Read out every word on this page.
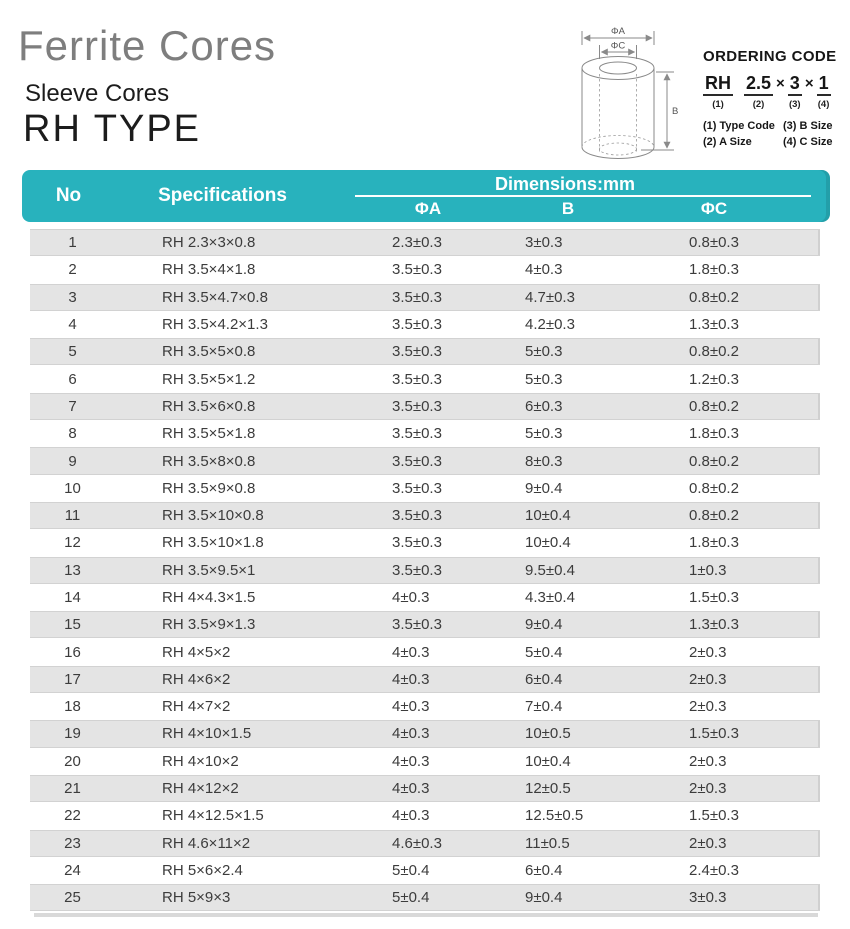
Ferrite Cores
Sleeve Cores
RH TYPE
ΦA
ΦC
B
ORDERING CODE
RH
(1)
2.5
(2)
× 3
(3)
× 1
(4)
(1) Type Code (3) B Size
(2) A Size	(4) C Size
No	Specifications
Dimensions:mm
ΦA	B	ΦC
1	RH 2.3×3×0.8	2.3±0.3	3±0.3	0.8±0.3
2	RH 3.5×4×1.8	3.5±0.3	4±0.3	1.8±0.3
3	RH 3.5×4.7×0.8	3.5±0.3	4.7±0.3	0.8±0.2
4	RH 3.5×4.2×1.3	3.5±0.3	4.2±0.3	1.3±0.3
5	RH 3.5×5×0.8	3.5±0.3	5±0.3	0.8±0.2
6	RH 3.5×5×1.2	3.5±0.3	5±0.3	1.2±0.3
7	RH 3.5×6×0.8	3.5±0.3	6±0.3	0.8±0.2
8	RH 3.5×5×1.8	3.5±0.3	5±0.3	1.8±0.3
9	RH 3.5×8×0.8	3.5±0.3	8±0.3	0.8±0.2
10	RH 3.5×9×0.8	3.5±0.3	9±0.4	0.8±0.2
11	RH 3.5×10×0.8	3.5±0.3	10±0.4	0.8±0.2
12	RH 3.5×10×1.8	3.5±0.3	10±0.4	1.8±0.3
13	RH 3.5×9.5×1	3.5±0.3	9.5±0.4	1±0.3
14	RH 4×4.3×1.5	4±0.3	4.3±0.4	1.5±0.3
15	RH 3.5×9×1.3	3.5±0.3	9±0.4	1.3±0.3
16	RH 4×5×2	4±0.3	5±0.4	2±0.3
17	RH 4×6×2	4±0.3	6±0.4	2±0.3
18	RH 4×7×2	4±0.3	7±0.4	2±0.3
19	RH 4×10×1.5	4±0.3	10±0.5	1.5±0.3
20	RH 4×10×2	4±0.3	10±0.4	2±0.3
21	RH 4×12×2	4±0.3	12±0.5	2±0.3
22	RH 4×12.5×1.5	4±0.3	12.5±0.5	1.5±0.3
23	RH 4.6×11×2	4.6±0.3	11±0.5	2±0.3
24	RH 5×6×2.4	5±0.4	6±0.4	2.4±0.3
25	RH 5×9×3	5±0.4	9±0.4	3±0.3
